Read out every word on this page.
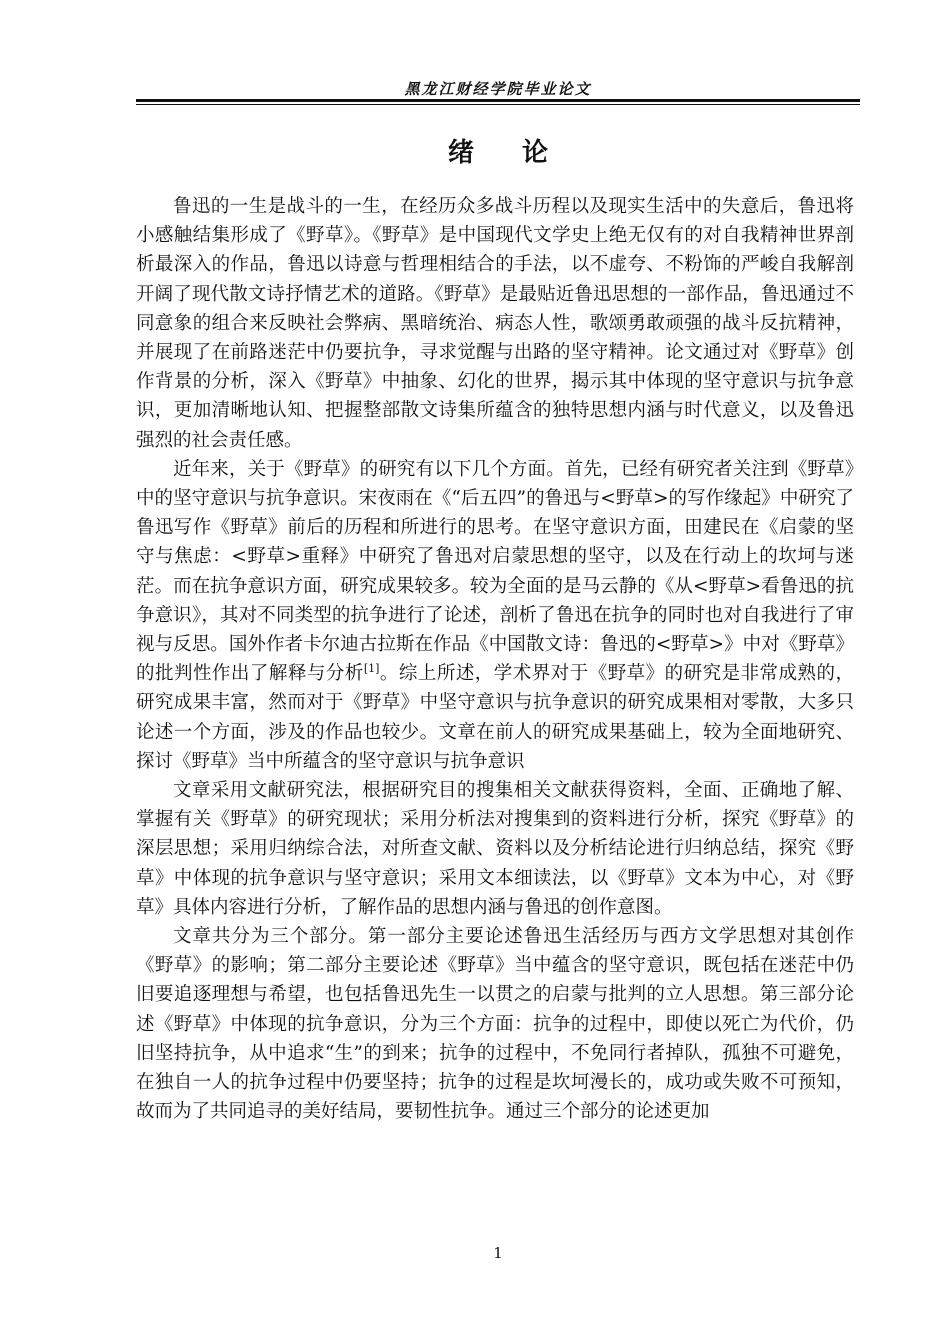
黑龙江财经学院毕业论文
绪 论

鲁迅的一生是战斗的一生，在经历众多战斗历程以及现实生活中的失意后，鲁迅将小感触结集形成了《野草》。《野草》是中国现代文学史上绝无仅有的对自我精神世界剖析最深入的作品，鲁迅以诗意与哲理相结合的手法，以不虚夸、不粉饰的严峻自我解剖开阔了现代散文诗抒情艺术的道路。《野草》是最贴近鲁迅思想的一部作品，鲁迅通过不同意象的组合来反映社会弊病、黑暗统治、病态人性，歌颂勇敢顽强的战斗反抗精神，并展现了在前路迷茫中仍要抗争，寻求觉醒与出路的坚守精神。论文通过对《野草》创作背景的分析，深入《野草》中抽象、幻化的世界，揭示其中体现的坚守意识与抗争意识，更加清晰地认知、把握整部散文诗集所蕴含的独特思想内涵与时代意义，以及鲁迅强烈的社会责任感。

近年来，关于《野草》的研究有以下几个方面。首先，已经有研究者关注到《野草》中的坚守意识与抗争意识。宋夜雨在《“后五四”的鲁迅与<野草>的写作缘起》中研究了鲁迅写作《野草》前后的历程和所进行的思考。在坚守意识方面，田建民在《启蒙的坚守与焦虑：<野草>重释》中研究了鲁迅对启蒙思想的坚守，以及在行动上的坎坷与迷茫。而在抗争意识方面，研究成果较多。较为全面的是马云静的《从<野草>看鲁迅的抗争意识》，其对不同类型的抗争进行了论述，剖析了鲁迅在抗争的同时也对自我进行了审视与反思。国外作者卡尔迪古拉斯在作品《中国散文诗：鲁迅的<野草>》中对《野草》的批判性作出了解释与分析[1]。综上所述，学术界对于《野草》的研究是非常成熟的，研究成果丰富，然而对于《野草》中坚守意识与抗争意识的研究成果相对零散，大多只论述一个方面，涉及的作品也较少。文章在前人的研究成果基础上，较为全面地研究、探讨《野草》当中所蕴含的坚守意识与抗争意识

文章采用文献研究法，根据研究目的搜集相关文献获得资料，全面、正确地了解、掌握有关《野草》的研究现状；采用分析法对搜集到的资料进行分析，探究《野草》的深层思想；采用归纳综合法，对所查文献、资料以及分析结论进行归纳总结，探究《野草》中体现的抗争意识与坚守意识；采用文本细读法，以《野草》文本为中心，对《野草》具体内容进行分析，了解作品的思想内涵与鲁迅的创作意图。

文章共分为三个部分。第一部分主要论述鲁迅生活经历与西方文学思想对其创作《野草》的影响；第二部分主要论述《野草》当中蕴含的坚守意识，既包括在迷茫中仍旧要追逐理想与希望，也包括鲁迅先生一以贯之的启蒙与批判的立人思想。第三部分论述《野草》中体现的抗争意识，分为三个方面：抗争的过程中，即使以死亡为代价，仍旧坚持抗争，从中追求“生”的到来；抗争的过程中，不免同行者掉队，孤独不可避免，在独自一人的抗争过程中仍要坚持；抗争的过程是坎坷漫长的，成功或失败不可预知，故而为了共同追寻的美好结局，要韧性抗争。通过三个部分的论述更加

1
